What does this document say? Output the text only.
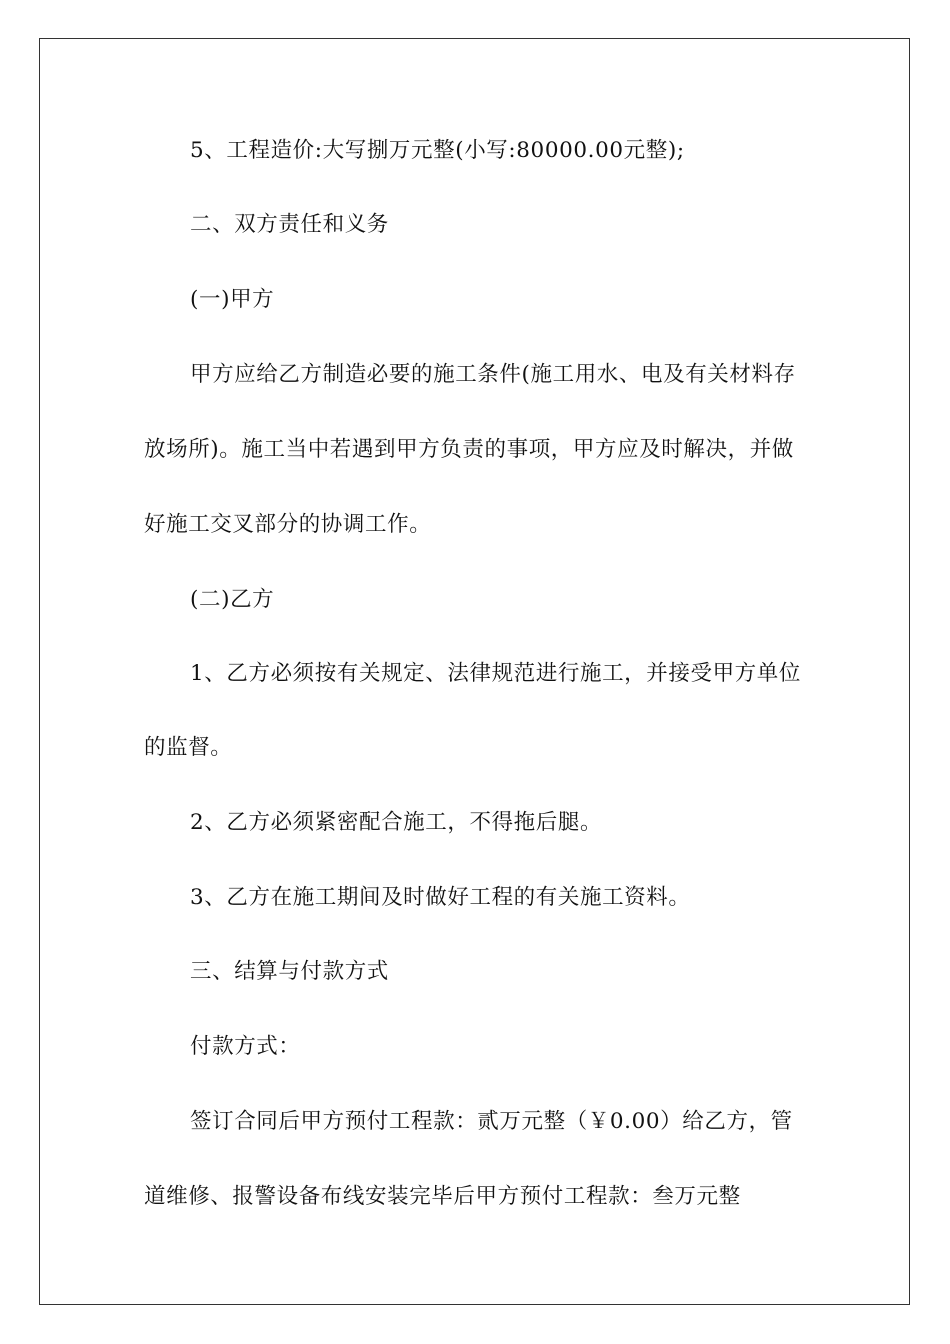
5、工程造价:大写捌万元整(小写:80000.00元整);
二、双方责任和义务
(一)甲方
甲方应给乙方制造必要的施工条件(施工用水、电及有关材料存
放场所)。施工当中若遇到甲方负责的事项，甲方应及时解决，并做
好施工交叉部分的协调工作。
(二)乙方
1、乙方必须按有关规定、法律规范进行施工，并接受甲方单位
的监督。
2、乙方必须紧密配合施工，不得拖后腿。
3、乙方在施工期间及时做好工程的有关施工资料。
三、结算与付款方式
付款方式：
签订合同后甲方预付工程款：贰万元整（￥0.00）给乙方，管
道维修、报警设备布线安装完毕后甲方预付工程款：叁万元整
